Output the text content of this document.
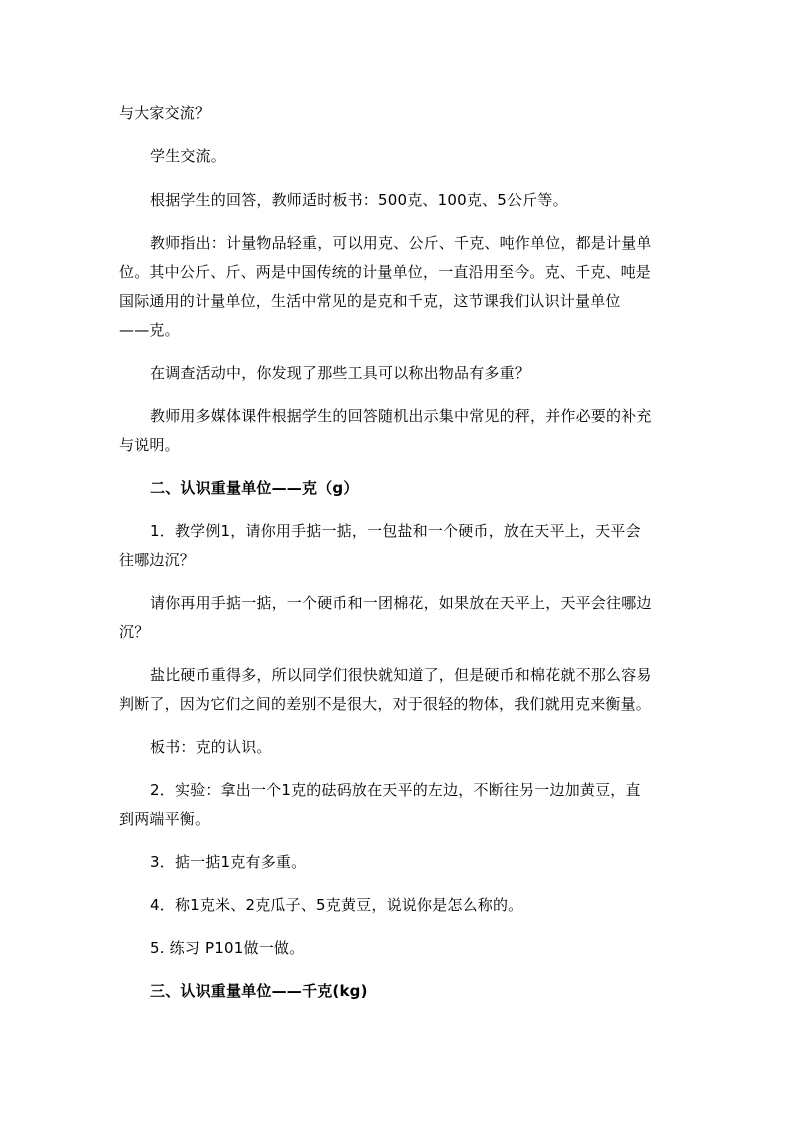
与大家交流？
学生交流。
根据学生的回答，教师适时板书：500克、100克、5公斤等。
教师指出：计量物品轻重，可以用克、公斤、千克、吨作单位，都是计量单
位。其中公斤、斤、两是中国传统的计量单位，一直沿用至今。克、千克、吨是
国际通用的计量单位，生活中常见的是克和千克，这节课我们认识计量单位
——克。
在调查活动中，你发现了那些工具可以称出物品有多重？
教师用多媒体课件根据学生的回答随机出示集中常见的秤，并作必要的补充
与说明。
二、认识重量单位——克（g）
1．教学例1，请你用手掂一掂，一包盐和一个硬币，放在天平上，天平会
往哪边沉？
请你再用手掂一掂，一个硬币和一团棉花，如果放在天平上，天平会往哪边
沉？
盐比硬币重得多，所以同学们很快就知道了，但是硬币和棉花就不那么容易
判断了，因为它们之间的差别不是很大，对于很轻的物体，我们就用克来衡量。
板书：克的认识。
2．实验：拿出一个1克的砝码放在天平的左边，不断往另一边加黄豆，直
到两端平衡。
3．掂一掂1克有多重。
4．称1克米、2克瓜子、5克黄豆，说说你是怎么称的。
5. 练习 P101做一做。
三、认识重量单位——千克(kg)
